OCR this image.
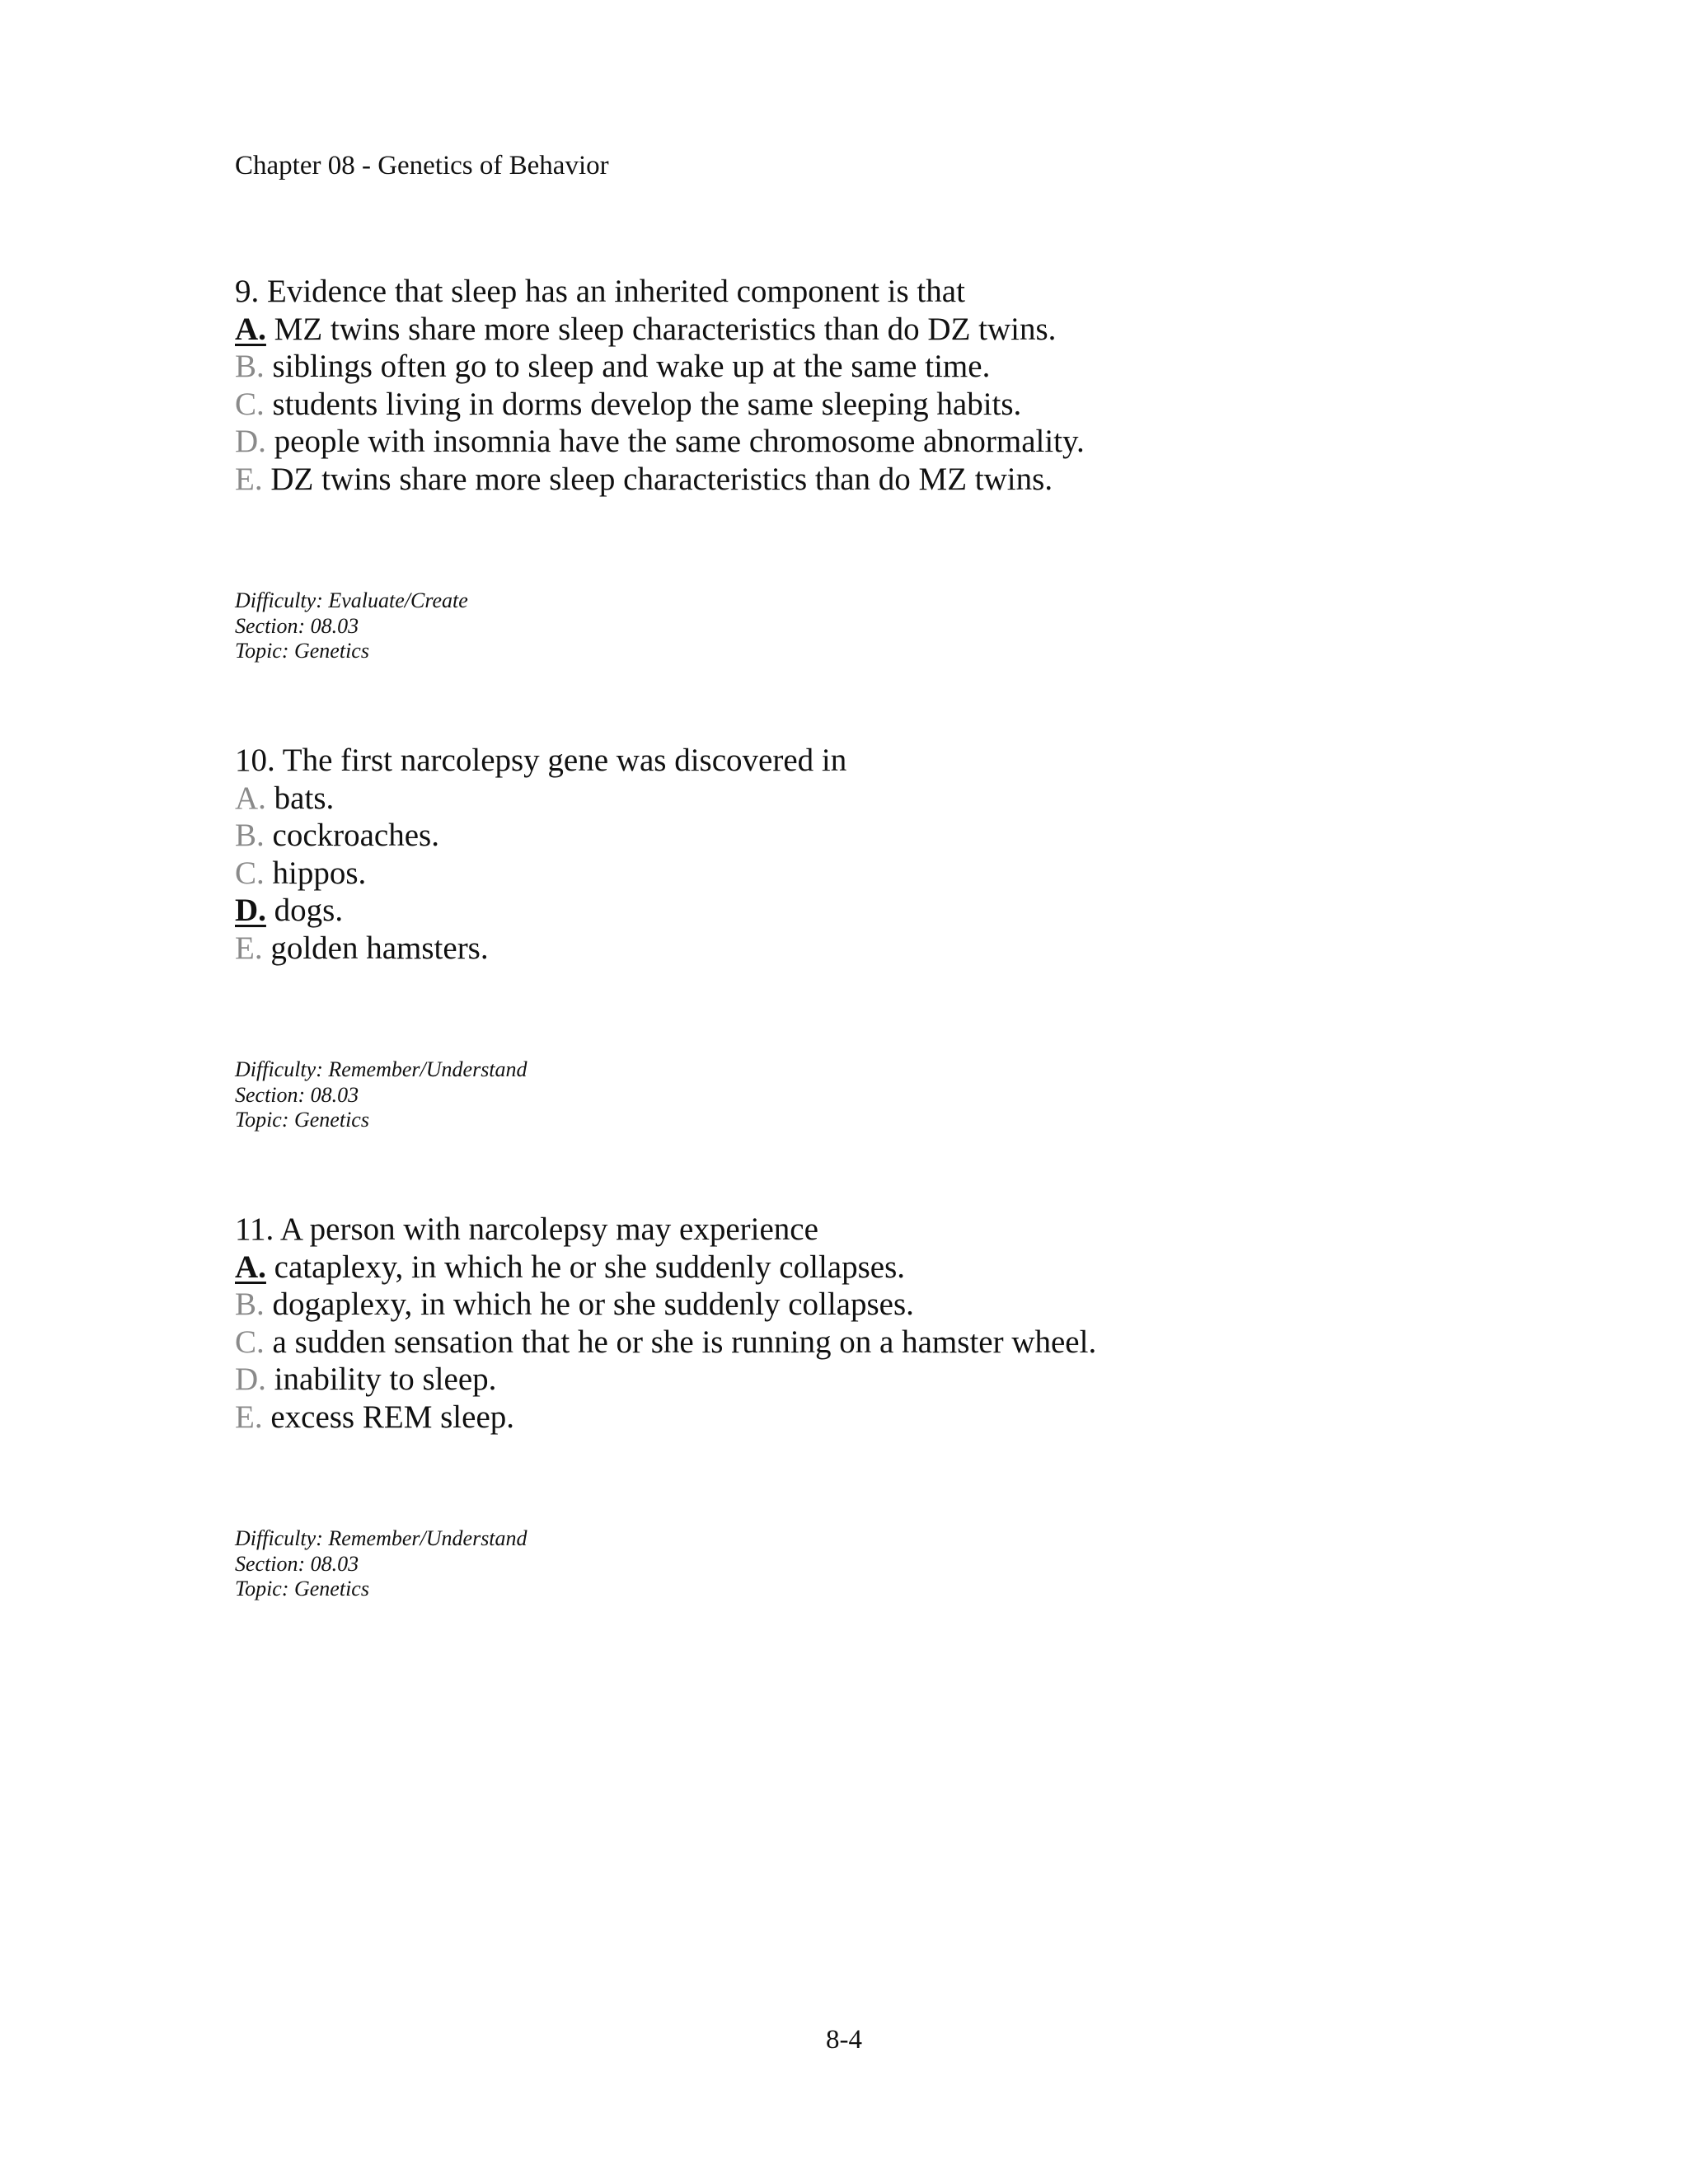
Chapter 08 - Genetics of Behavior
9. Evidence that sleep has an inherited component is that
A. MZ twins share more sleep characteristics than do DZ twins.
B. siblings often go to sleep and wake up at the same time.
C. students living in dorms develop the same sleeping habits.
D. people with insomnia have the same chromosome abnormality.
E. DZ twins share more sleep characteristics than do MZ twins.
Difficulty: Evaluate/Create
Section: 08.03
Topic: Genetics
10. The first narcolepsy gene was discovered in
A. bats.
B. cockroaches.
C. hippos.
D. dogs.
E. golden hamsters.
Difficulty: Remember/Understand
Section: 08.03
Topic: Genetics
11. A person with narcolepsy may experience
A. cataplexy, in which he or she suddenly collapses.
B. dogaplexy, in which he or she suddenly collapses.
C. a sudden sensation that he or she is running on a hamster wheel.
D. inability to sleep.
E. excess REM sleep.
Difficulty: Remember/Understand
Section: 08.03
Topic: Genetics
8-4
